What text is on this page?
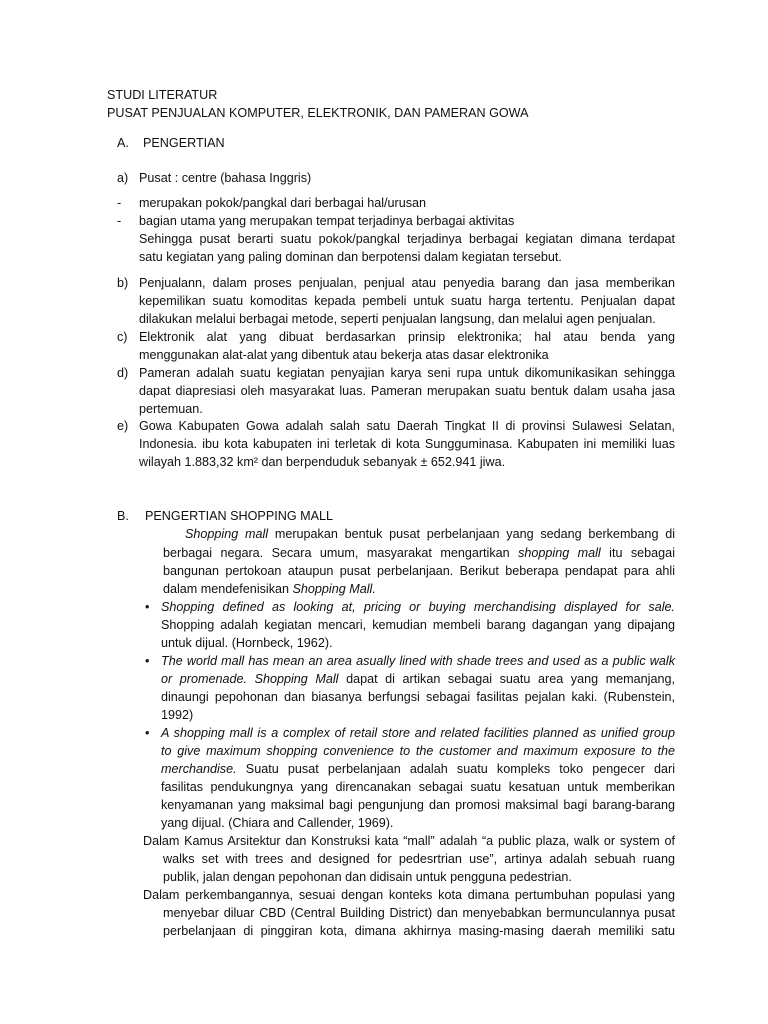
STUDI LITERATUR
PUSAT PENJUALAN KOMPUTER, ELEKTRONIK, DAN PAMERAN GOWA
A. PENGERTIAN
a) Pusat : centre (bahasa Inggris)
- merupakan pokok/pangkal dari berbagai hal/urusan
- bagian utama yang merupakan tempat terjadinya berbagai aktivitas
Sehingga pusat berarti suatu pokok/pangkal terjadinya berbagai kegiatan dimana terdapat
satu kegiatan yang paling dominan dan berpotensi dalam kegiatan tersebut.
b) Penjualann, dalam proses penjualan, penjual atau penyedia barang dan jasa memberikan
kepemilikan suatu komoditas kepada pembeli untuk suatu harga tertentu. Penjualan dapat
dilakukan melalui berbagai metode, seperti penjualan langsung, dan melalui agen penjualan.
c) Elektronik alat yang dibuat berdasarkan prinsip elektronika; hal atau benda yang
menggunakan alat-alat yang dibentuk atau bekerja atas dasar elektronika
d) Pameran adalah suatu kegiatan penyajian karya seni rupa untuk dikomunikasikan sehingga
dapat diapresiasi oleh masyarakat luas. Pameran merupakan suatu bentuk dalam usaha jasa
pertemuan.
e) Gowa Kabupaten Gowa adalah salah satu Daerah Tingkat II di provinsi Sulawesi Selatan,
Indonesia. ibu kota kabupaten ini terletak di kota Sungguminasa. Kabupaten ini memiliki luas
wilayah 1.883,32 km² dan berpenduduk sebanyak ± 652.941 jiwa.
B. PENGERTIAN SHOPPING MALL
Shopping mall merupakan bentuk pusat perbelanjaan yang sedang berkembang di
berbagai negara. Secara umum, masyarakat mengartikan shopping mall itu sebagai
bangunan pertokoan ataupun pusat perbelanjaan. Berikut beberapa pendapat para ahli
dalam mendefenisikan Shopping Mall.
• Shopping defined as looking at, pricing or buying merchandising displayed for sale.
Shopping adalah kegiatan mencari, kemudian membeli barang dagangan yang dipajang
untuk dijual. (Hornbeck, 1962).
• The world mall has mean an area asually lined with shade trees and used as a public walk
or promenade. Shopping Mall dapat di artikan sebagai suatu area yang memanjang,
dinaungi pepohonan dan biasanya berfungsi sebagai fasilitas pejalan kaki. (Rubenstein,
1992)
• A shopping mall is a complex of retail store and related facilities planned as unified group
to give maximum shopping convenience to the customer and maximum exposure to the
merchandise. Suatu pusat perbelanjaan adalah suatu kompleks toko pengecer dari
fasilitas pendukungnya yang direncanakan sebagai suatu kesatuan untuk memberikan
kenyamanan yang maksimal bagi pengunjung dan promosi maksimal bagi barang-barang
yang dijual. (Chiara and Callender, 1969).
Dalam Kamus Arsitektur dan Konstruksi kata “mall” adalah “a public plaza, walk or system of
walks set with trees and designed for pedesrtrian use”, artinya adalah sebuah ruang
publik, jalan dengan pepohonan dan didisain untuk pengguna pedestrian.
Dalam perkembangannya, sesuai dengan konteks kota dimana pertumbuhan populasi yang
menyebar diluar CBD (Central Building District) dan menyebabkan bermunculannya pusat
perbelanjaan di pinggiran kota, dimana akhirnya masing-masing daerah memiliki satu
